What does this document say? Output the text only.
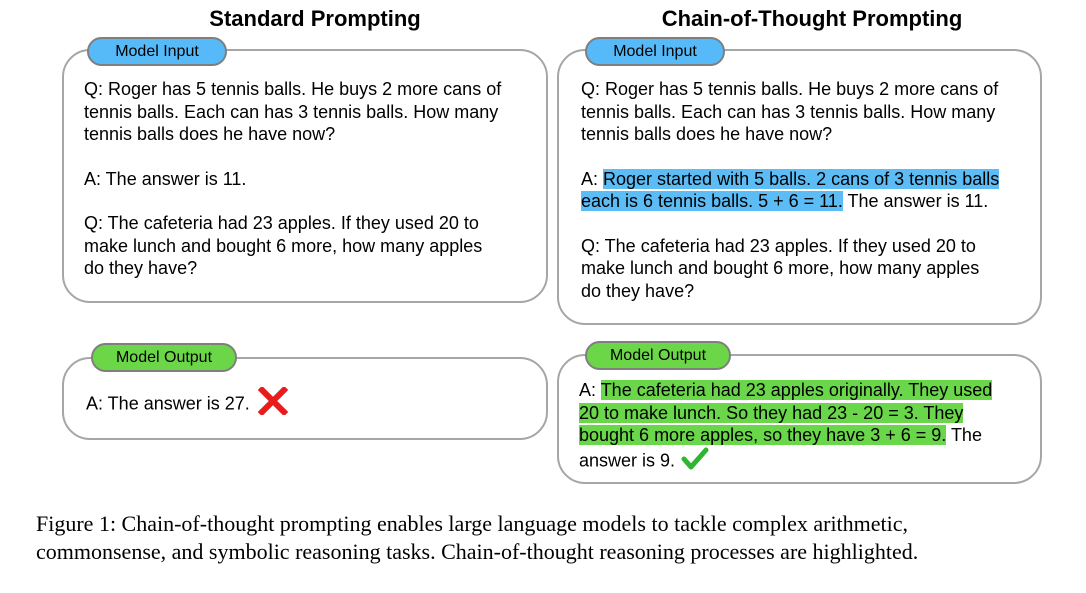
Standard Prompting	Chain-of-Thought Prompting
Model Input

Q: Roger has 5 tennis balls. He buys 2 more cans of

tennis balls. Each can has 3 tennis balls. How many

tennis balls does he have now?

A: The answer is 11.

Q: The cafeteria had 23 apples. If they used 20 to

make lunch and bought 6 more, how many apples

do they have?

Model Output
A: The answer is 27.
Model Input

Q: Roger has 5 tennis balls. He buys 2 more cans of

tennis balls. Each can has 3 tennis balls. How many

tennis balls does he have now?

A: Roger started with 5 balls. 2 cans of 3 tennis balls

each is 6 tennis balls. 5 + 6 = 11. The answer is 11.

Q: The cafeteria had 23 apples. If they used 20 to

make lunch and bought 6 more, how many apples

do they have?

Model Output

A: The cafeteria had 23 apples originally. They used

20 to make lunch. So they had 23 - 20 = 3. They

bought 6 more apples, so they have 3 + 6 = 9. The

answer is 9.

Figure 1: Chain-of-thought prompting enables large language models to tackle complex arithmetic,
commonsense, and symbolic reasoning tasks. Chain-of-thought reasoning processes are highlighted.
